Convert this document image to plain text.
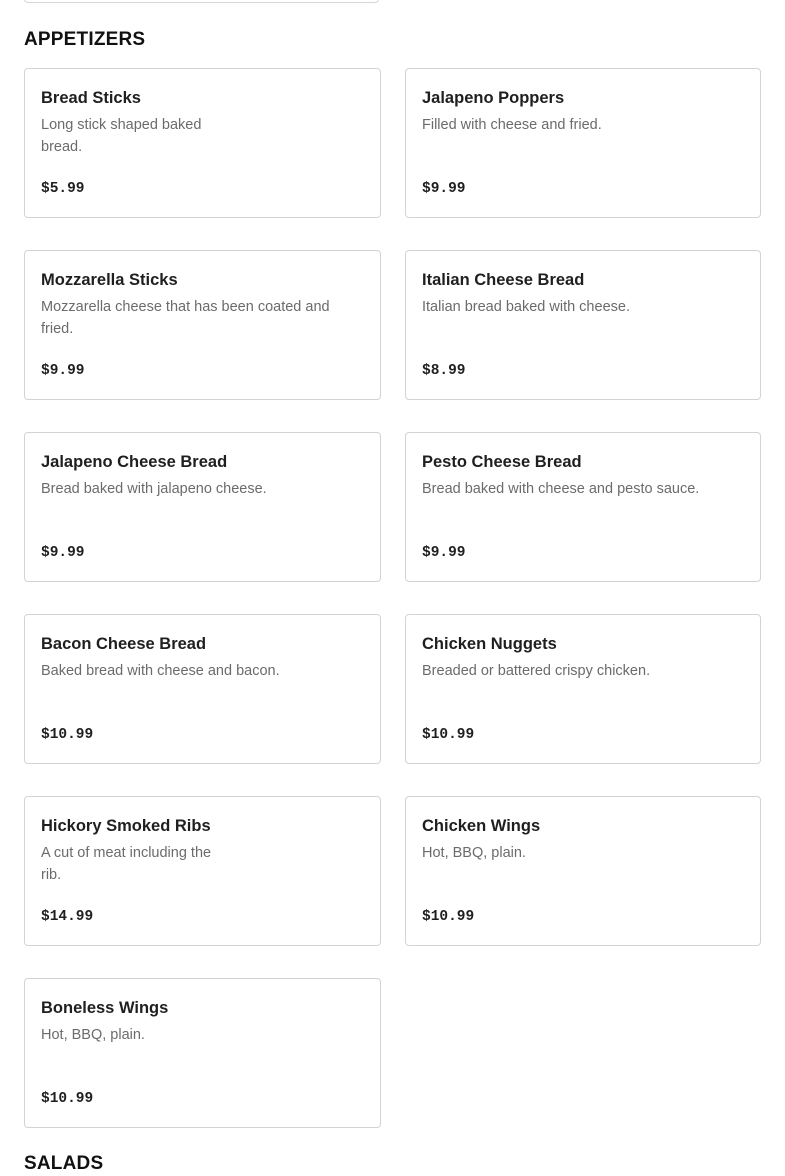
APPETIZERS
Bread Sticks
Long stick shaped baked bread.
$5.99
Jalapeno Poppers
Filled with cheese and fried.
$9.99
Mozzarella Sticks
Mozzarella cheese that has been coated and fried.
$9.99
Italian Cheese Bread
Italian bread baked with cheese.
$8.99
Jalapeno Cheese Bread
Bread baked with jalapeno cheese.
$9.99
Pesto Cheese Bread
Bread baked with cheese and pesto sauce.
$9.99
Bacon Cheese Bread
Baked bread with cheese and bacon.
$10.99
Chicken Nuggets
Breaded or battered crispy chicken.
$10.99
Hickory Smoked Ribs
A cut of meat including the rib.
$14.99
Chicken Wings
Hot, BBQ, plain.
$10.99
Boneless Wings
Hot, BBQ, plain.
$10.99
SALADS
